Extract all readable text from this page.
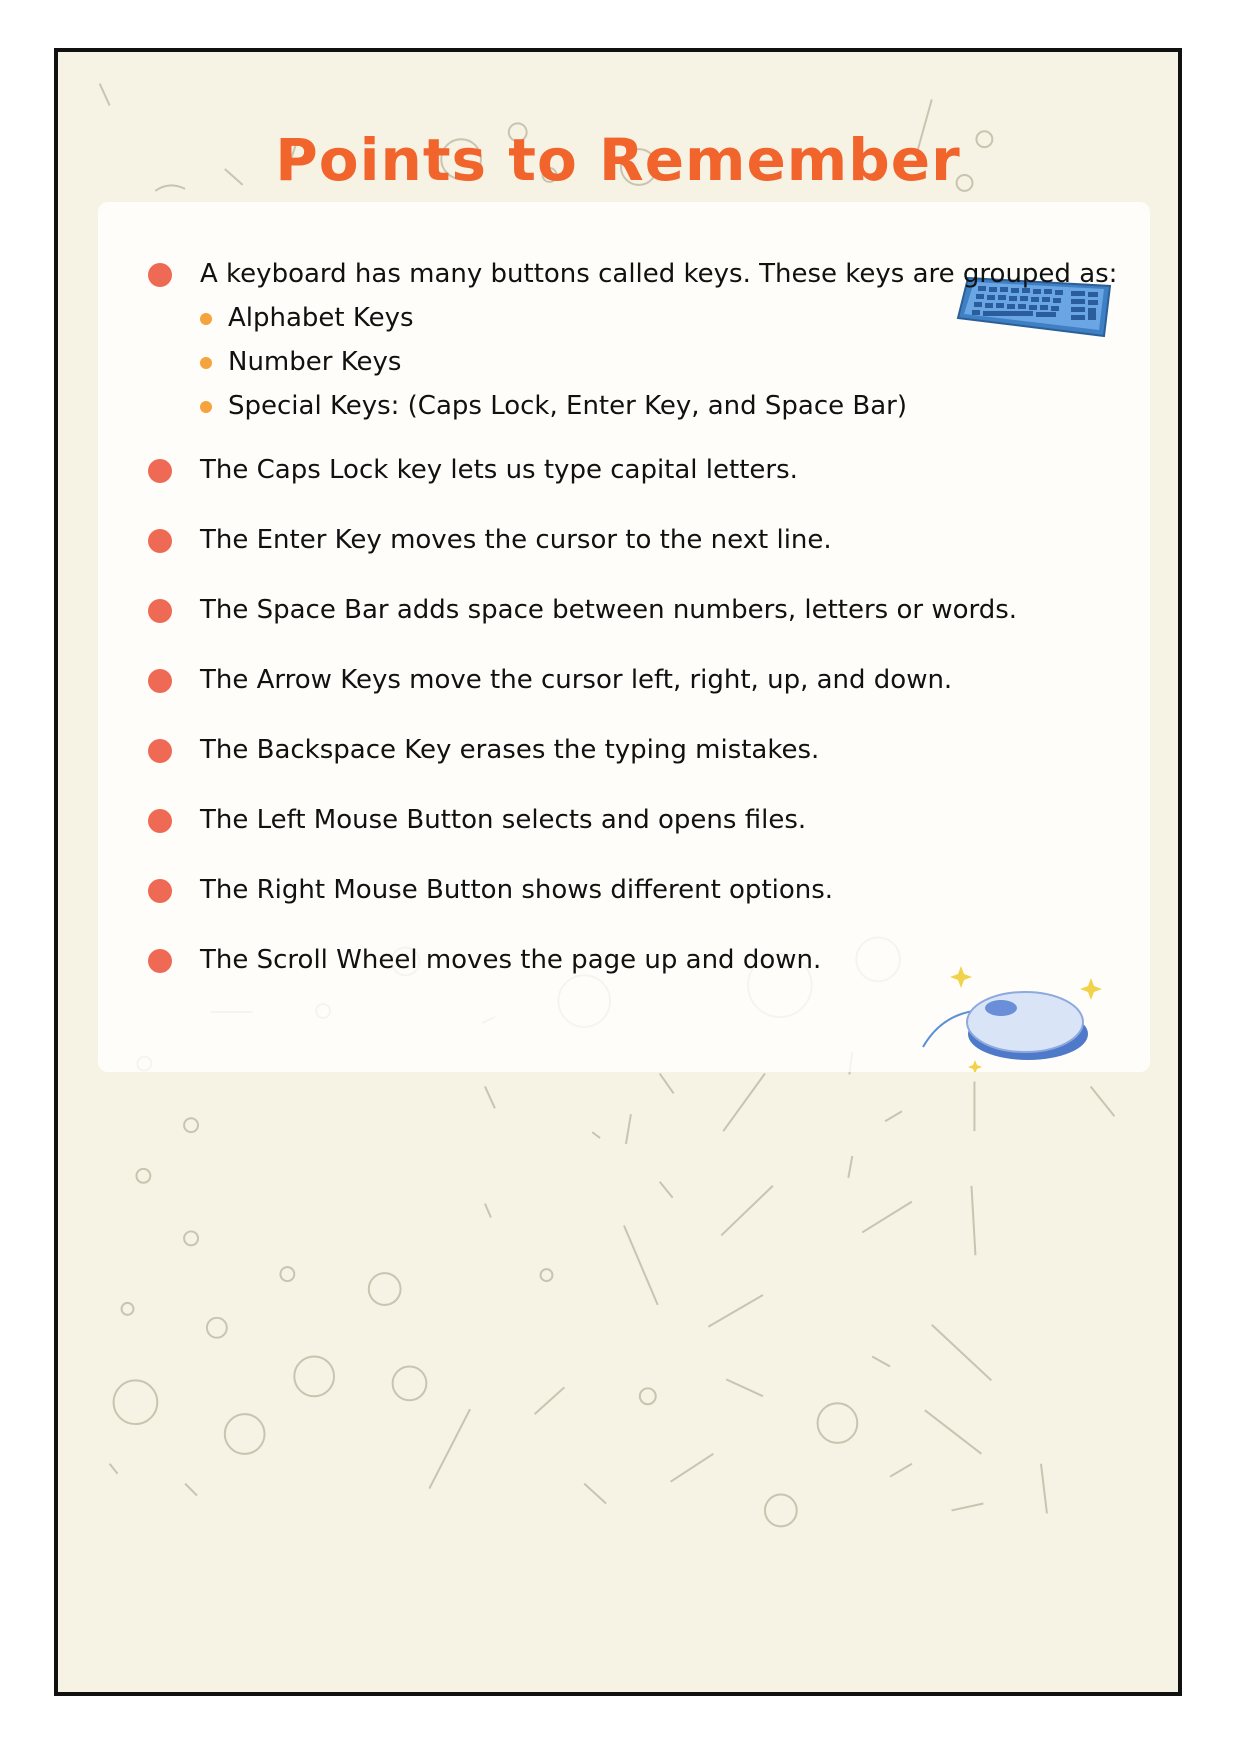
Points to Remember
A keyboard has many buttons called keys. These keys are grouped as:
Alphabet Keys
Number Keys
Special Keys: (Caps Lock, Enter Key, and Space Bar)
The Caps Lock key lets us type capital letters.
The Enter Key moves the cursor to the next line.
The Space Bar adds space between numbers, letters or words.
The Arrow Keys move the cursor left, right, up, and down.
The Backspace Key erases the typing mistakes.
The Left Mouse Button selects and opens files.
The Right Mouse Button shows different options.
The Scroll Wheel moves the page up and down.
